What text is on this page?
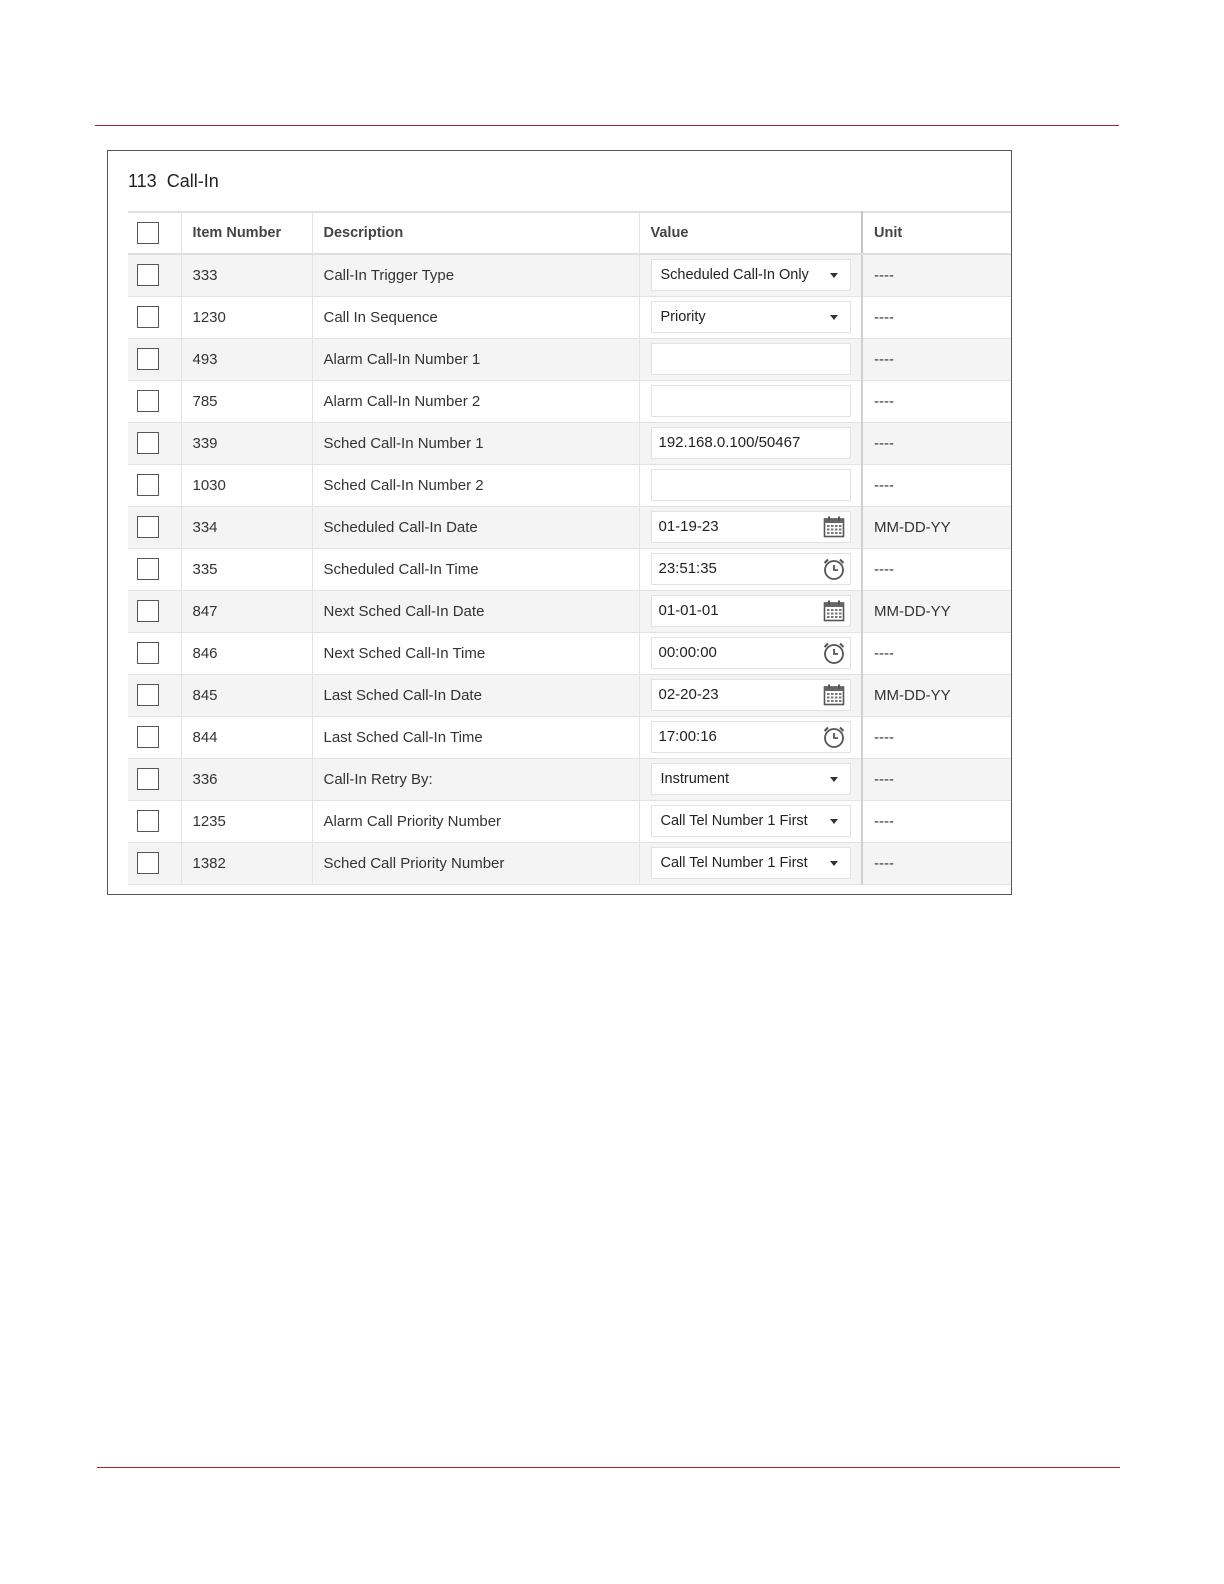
113  Call-In
	Item Number	Description	Value	Unit

	333	Call-In Trigger Type	Scheduled Call-In Only	----

	1230	Call In Sequence	Priority	----

	493	Alarm Call-In Number 1		----

	785	Alarm Call-In Number 2		----

	339	Sched Call-In Number 1	192.168.0.100/50467	----

	1030	Sched Call-In Number 2		----

	334	Scheduled Call-In Date	01-19-23	MM-DD-YY

	335	Scheduled Call-In Time	23:51:35	----

	847	Next Sched Call-In Date	01-01-01	MM-DD-YY

	846	Next Sched Call-In Time	00:00:00	----

	845	Last Sched Call-In Date	02-20-23	MM-DD-YY

	844	Last Sched Call-In Time	17:00:16	----

	336	Call-In Retry By:	Instrument	----

	1235	Alarm Call Priority Number	Call Tel Number 1 First	----

	1382	Sched Call Priority Number	Call Tel Number 1 First	----
